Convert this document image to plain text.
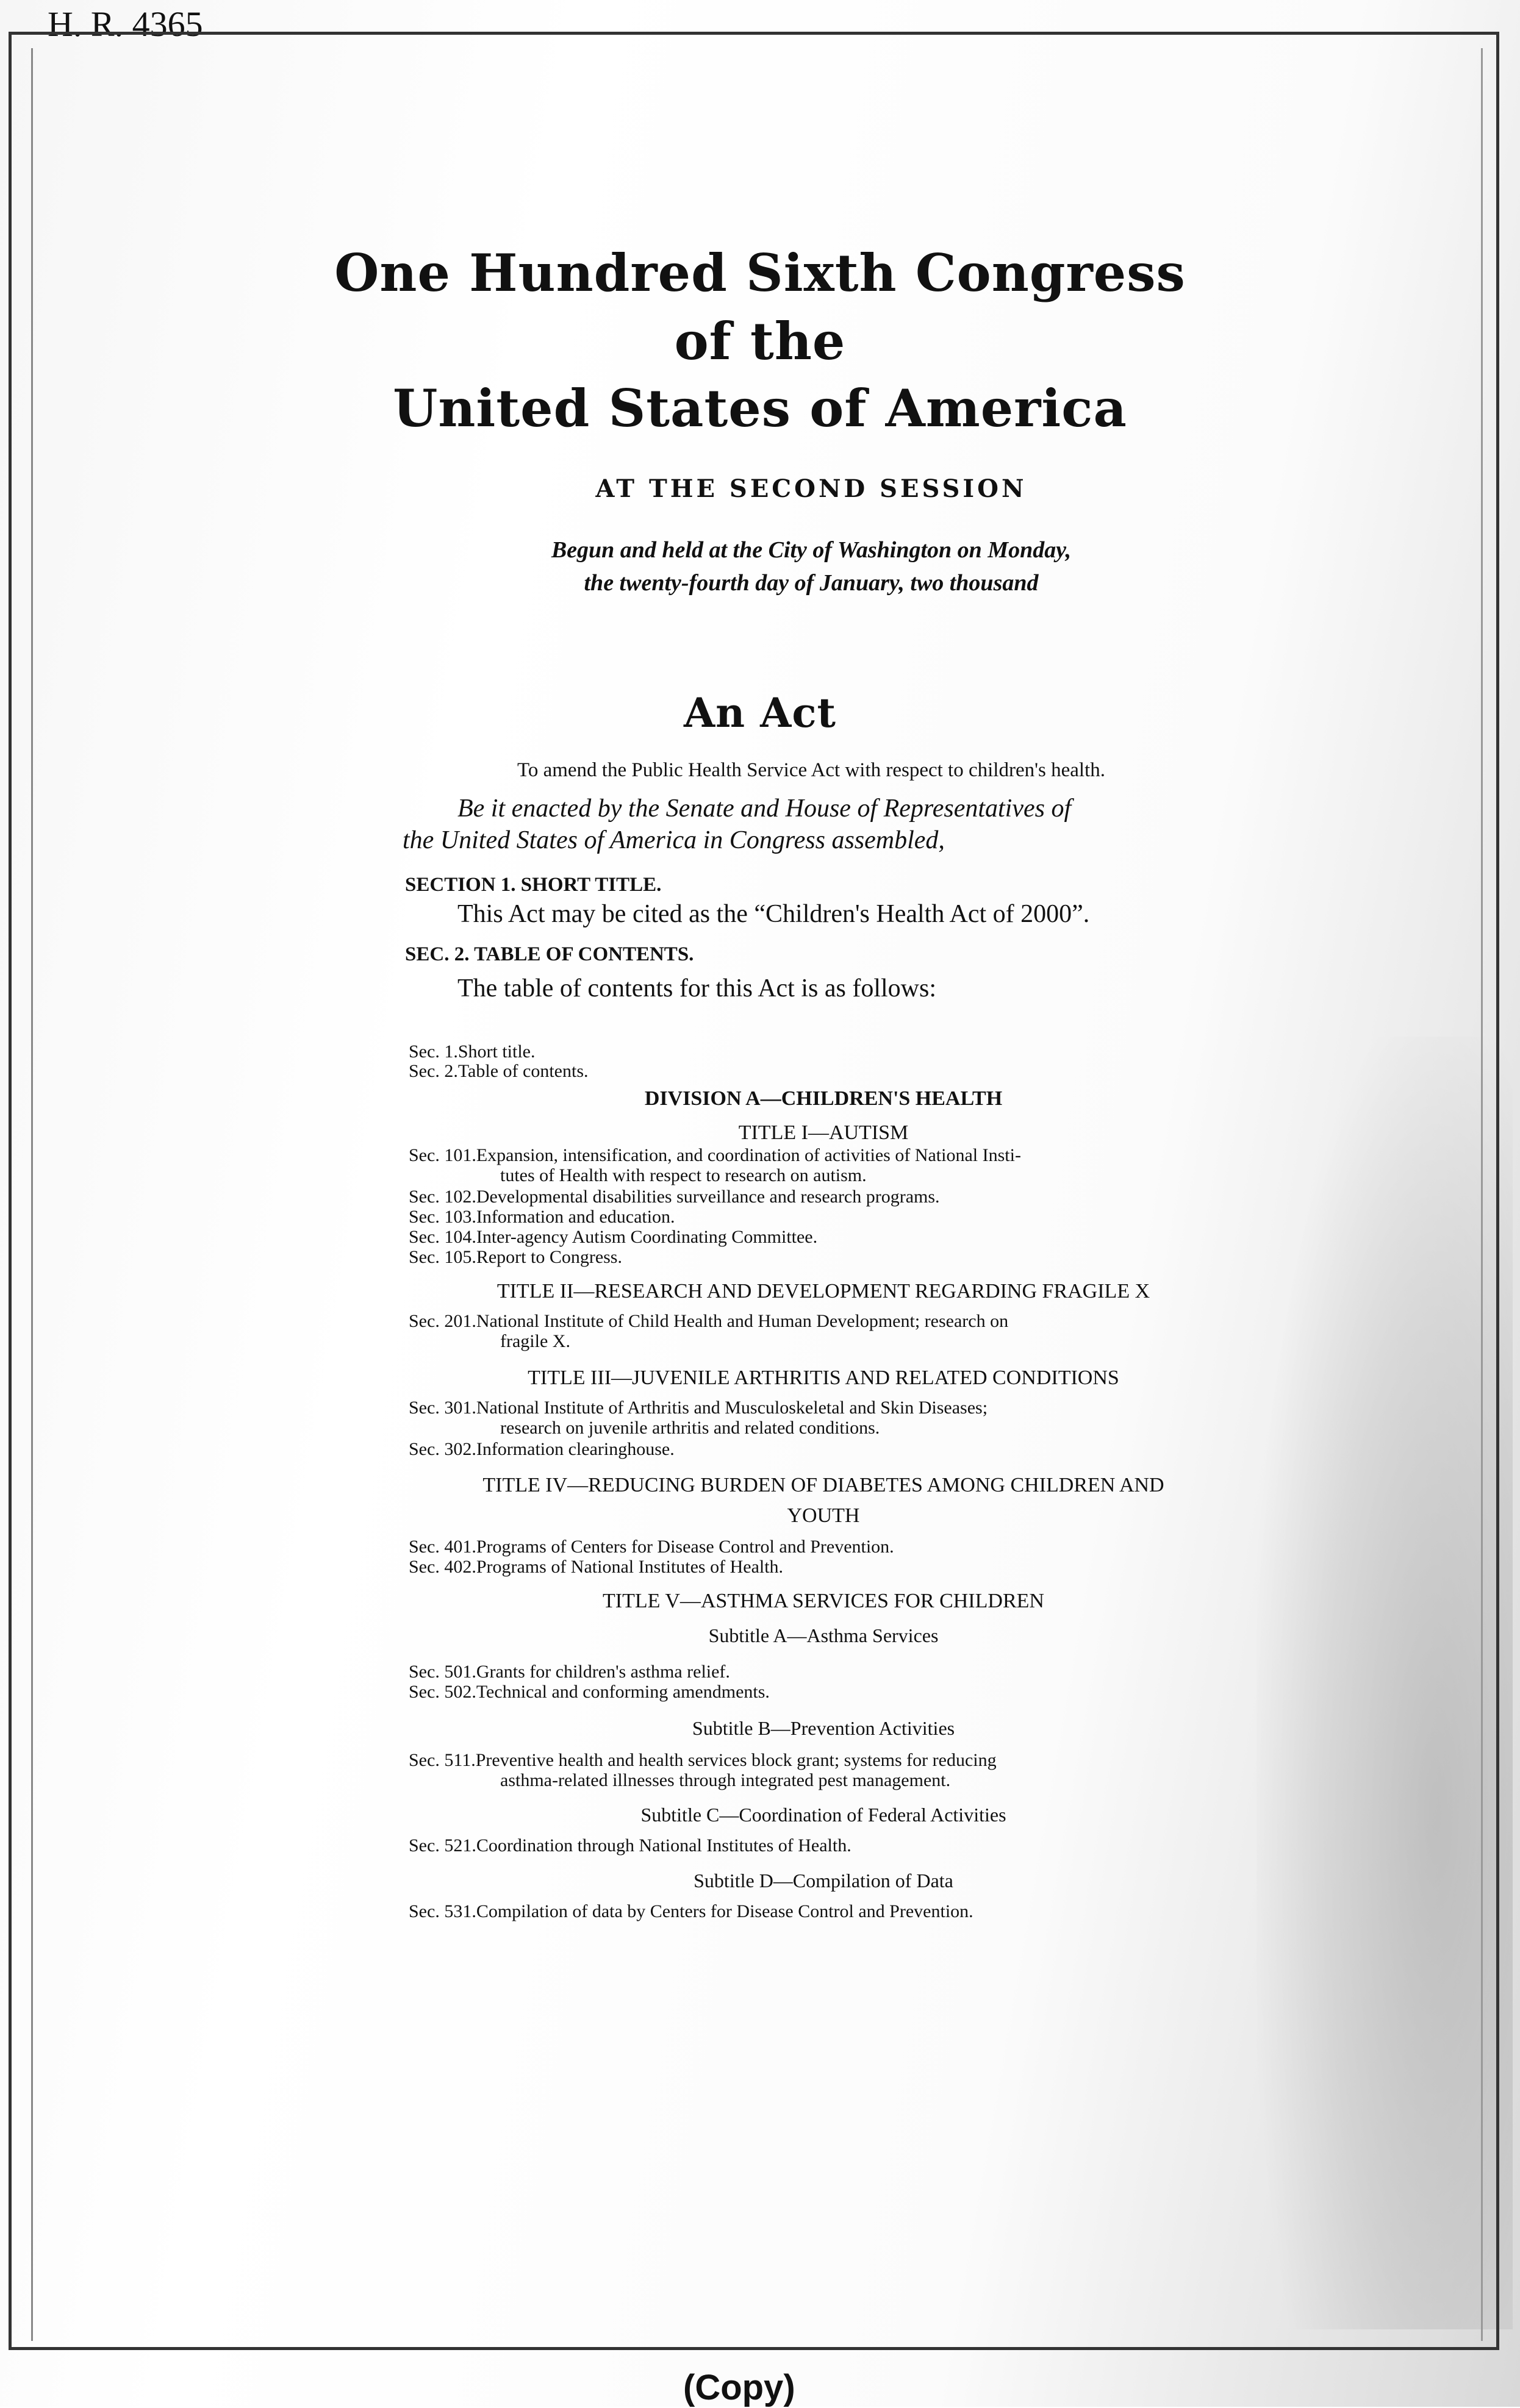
H. R. 4365
One Hundred Sixth Congress
of the
United States of America
AT THE SECOND SESSION
Begun and held at the City of Washington on Monday,
the twenty-fourth day of January, two thousand
An Act
To amend the Public Health Service Act with respect to children's health.
Be it enacted by the Senate and House of Representatives of
the United States of America in Congress assembled,
SECTION 1. SHORT TITLE.
This Act may be cited as the “Children's Health Act of 2000”.
SEC. 2. TABLE OF CONTENTS.
The table of contents for this Act is as follows:
Sec. 1.Short title.
Sec. 2.Table of contents.
DIVISION A—CHILDREN'S HEALTH
TITLE I—AUTISM
Sec. 101.Expansion, intensification, and coordination of activities of National Insti-
tutes of Health with respect to research on autism.
Sec. 102.Developmental disabilities surveillance and research programs.
Sec. 103.Information and education.
Sec. 104.Inter-agency Autism Coordinating Committee.
Sec. 105.Report to Congress.
TITLE II—RESEARCH AND DEVELOPMENT REGARDING FRAGILE X
Sec. 201.National Institute of Child Health and Human Development; research on
fragile X.
TITLE III—JUVENILE ARTHRITIS AND RELATED CONDITIONS
Sec. 301.National Institute of Arthritis and Musculoskeletal and Skin Diseases;
research on juvenile arthritis and related conditions.
Sec. 302.Information clearinghouse.
TITLE IV—REDUCING BURDEN OF DIABETES AMONG CHILDREN AND
YOUTH
Sec. 401.Programs of Centers for Disease Control and Prevention.
Sec. 402.Programs of National Institutes of Health.
TITLE V—ASTHMA SERVICES FOR CHILDREN
Subtitle A—Asthma Services
Sec. 501.Grants for children's asthma relief.
Sec. 502.Technical and conforming amendments.
Subtitle B—Prevention Activities
Sec. 511.Preventive health and health services block grant; systems for reducing
asthma-related illnesses through integrated pest management.
Subtitle C—Coordination of Federal Activities
Sec. 521.Coordination through National Institutes of Health.
Subtitle D—Compilation of Data
Sec. 531.Compilation of data by Centers for Disease Control and Prevention.
(Copy)
